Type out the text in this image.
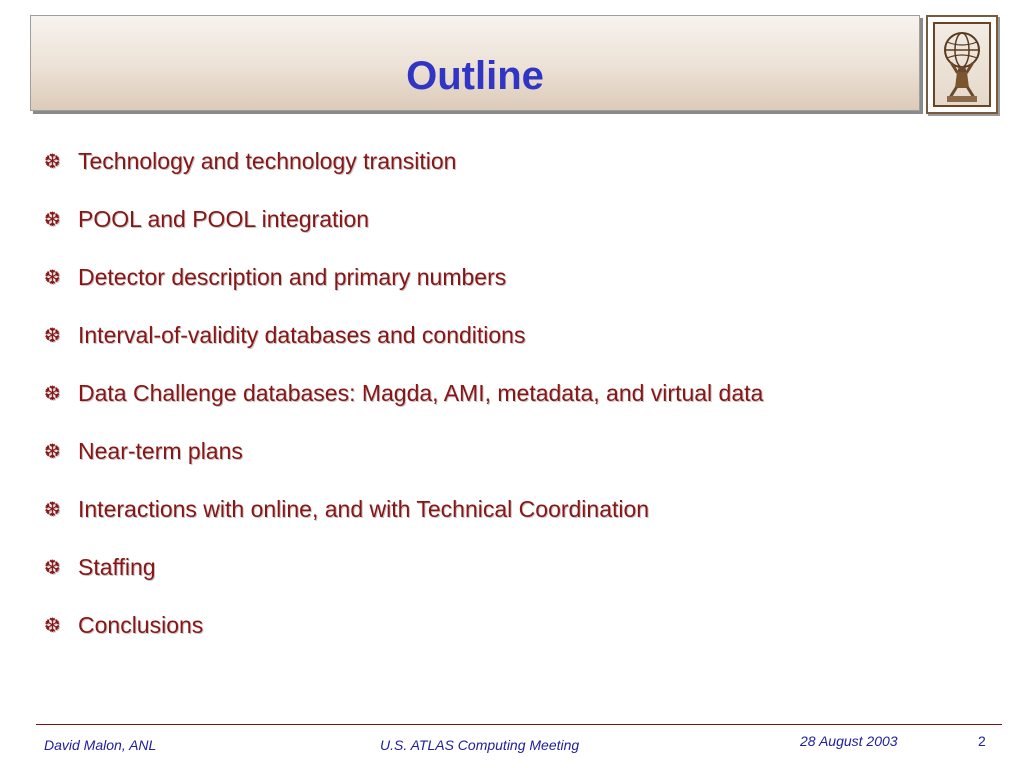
Outline
❆ Technology and technology transition
❆ POOL and POOL integration
❆ Detector description and primary numbers
❆ Interval-of-validity databases and conditions
❆ Data Challenge databases: Magda, AMI, metadata, and virtual data
❆ Near-term plans
❆ Interactions with online, and with Technical Coordination
❆ Staffing
❆ Conclusions
David Malon, ANL	U.S. ATLAS Computing Meeting	28 August 2003	2
